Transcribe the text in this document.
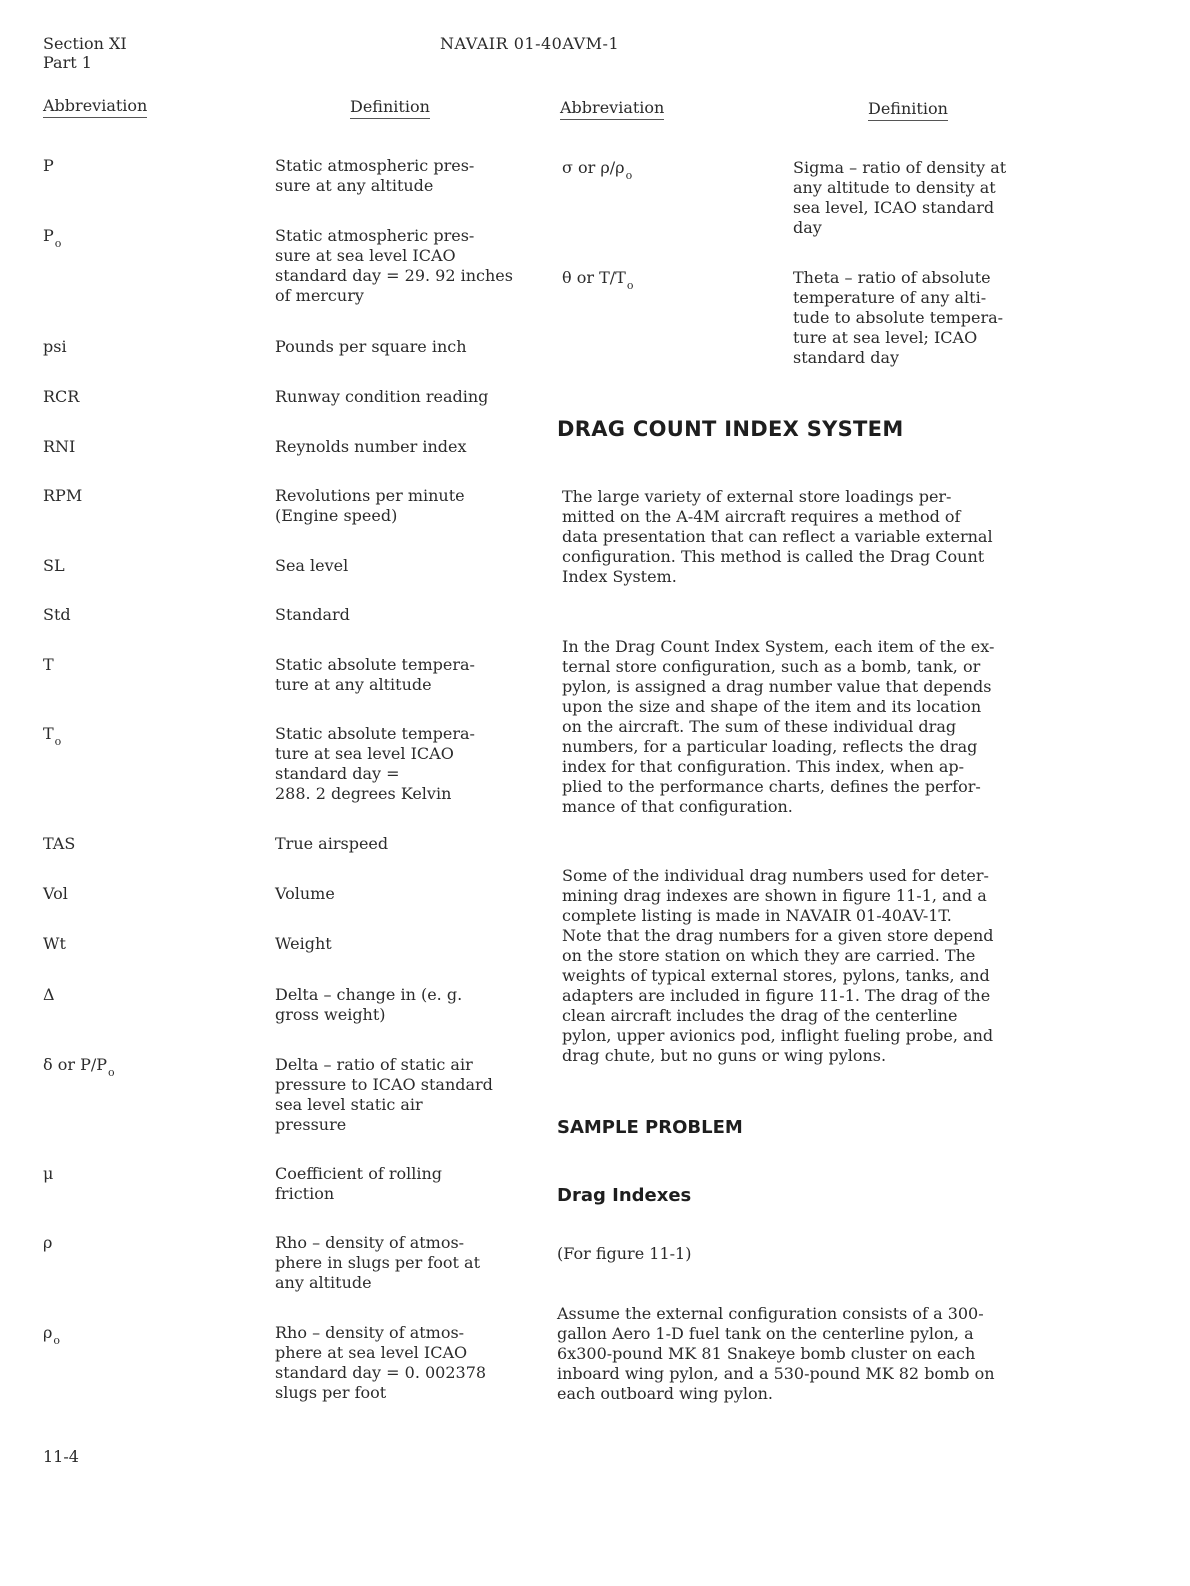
Section XI
Part 1
NAVAIR 01-40AVM-1
Abbreviation	Definition	Abbreviation	Definition
P	Static atmospheric pres-
sure at any altitude
$P_o$	Static atmospheric pres-
sure at sea level ICAO
standard day = 29. 92 inches
of mercury
psi	Pounds per square inch
RCR	Runway condition reading
RNI	Reynolds number index
RPM	Revolutions per minute
(Engine speed)
SL	Sea level
Std	Standard
T	Static absolute tempera-
ture at any altitude
$T_o$	Static absolute tempera-
ture at sea level ICAO
standard day =
288. 2 degrees Kelvin
TAS	True airspeed
Vol	Volume
Wt	Weight
Δ	Delta – change in (e. g.
gross weight)
δ or $P/P_o$	Delta – ratio of static air
pressure to ICAO standard
sea level static air
pressure
μ	Coefficient of rolling
friction
ρ	Rho – density of atmos-
phere in slugs per foot at
any altitude
$\rho_o$	Rho – density of atmos-
phere at sea level ICAO
standard day = 0. 002378
slugs per foot
σ or $\rho/\rho_o$	Sigma – ratio of density at
any altitude to density at
sea level, ICAO standard
day
θ or $T/T_o$	Theta – ratio of absolute
temperature of any alti-
tude to absolute tempera-
ture at sea level; ICAO
standard day
DRAG COUNT INDEX SYSTEM
The large variety of external store loadings per-
mitted on the A-4M aircraft requires a method of
data presentation that can reflect a variable external
configuration. This method is called the Drag Count
Index System.
In the Drag Count Index System, each item of the ex-
ternal store configuration, such as a bomb, tank, or
pylon, is assigned a drag number value that depends
upon the size and shape of the item and its location
on the aircraft. The sum of these individual drag
numbers, for a particular loading, reflects the drag
index for that configuration. This index, when ap-
plied to the performance charts, defines the perfor-
mance of that configuration.
Some of the individual drag numbers used for deter-
mining drag indexes are shown in figure 11-1, and a
complete listing is made in NAVAIR 01-40AV-1T.
Note that the drag numbers for a given store depend
on the store station on which they are carried. The
weights of typical external stores, pylons, tanks, and
adapters are included in figure 11-1. The drag of the
clean aircraft includes the drag of the centerline
pylon, upper avionics pod, inflight fueling probe, and
drag chute, but no guns or wing pylons.
SAMPLE PROBLEM
Drag Indexes
(For figure 11-1)
Assume the external configuration consists of a 300-
gallon Aero 1-D fuel tank on the centerline pylon, a
6x300-pound MK 81 Snakeye bomb cluster on each
inboard wing pylon, and a 530-pound MK 82 bomb on
each outboard wing pylon.
11-4
